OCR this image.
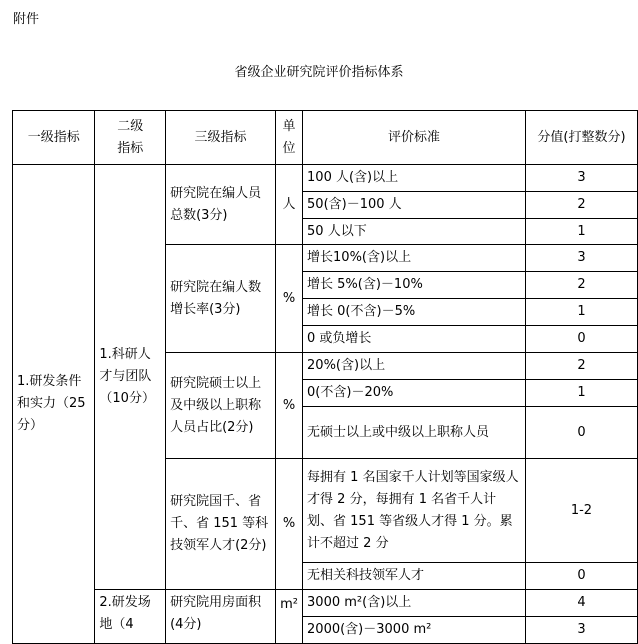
附件
省级企业研究院评价指标体系
一级指标	二级指标	三级指标	单位	评价标准	分值(打整数分)
1.研发条件和实力（25分）	1.科研人才与团队（10分）	研究院在编人员总数(3分)	人	100 人(含)以上	3
				50(含)－100 人	2
				50 人以下	1
		研究院在编人数增长率(3分)	%	增长10%(含)以上	3
				增长 5%(含)－10%	2
				增长 0(不含)－5%	1
				0 或负增长	0
		研究院硕士以上及中级以上职称人员占比(2分)	%	20%(含)以上	2
				0(不含)－20%	1
				无硕士以上或中级以上职称人员	0
		研究院国千、省千、省 151 等科技领军人才(2分)	%	每拥有 1 名国家千人计划等国家级人才得 2 分，每拥有 1 名省千人计划、省 151 等省级人才得 1 分。累计不超过 2 分	1-2
				无相关科技领军人才	0
	2.研发场地（4	研究院用房面积(4分)	m²	3000 m²(含)以上	4
				2000(含)－3000 m²	3
